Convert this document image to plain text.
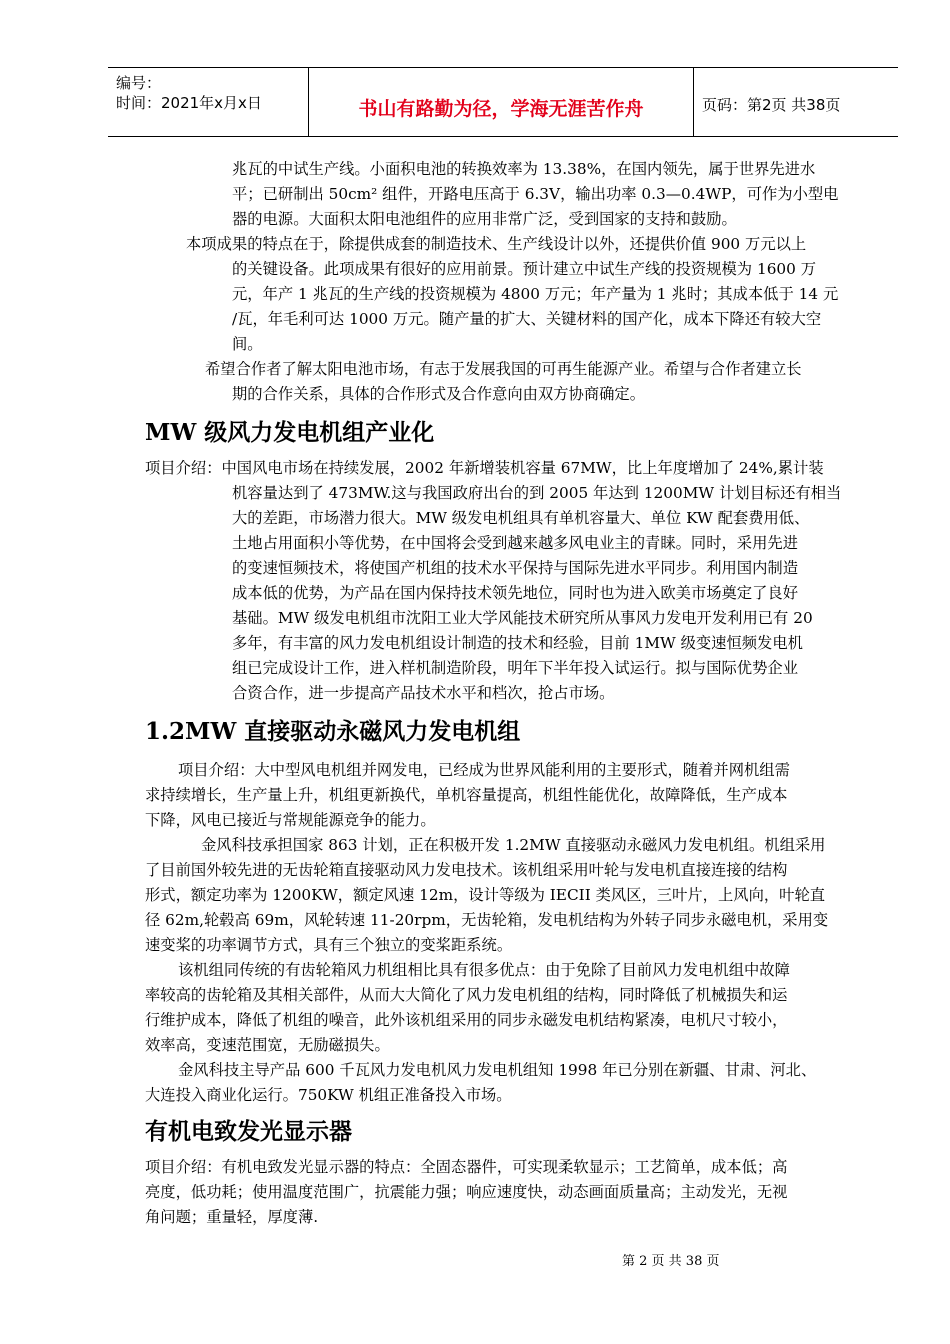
编号：
时间：2021年x月x日	书山有路勤为径，学海无涯苦作舟	页码：第2页 共38页
兆瓦的中试生产线。小面积电池的转换效率为 13.38%，在国内领先，属于世界先进水
平；已研制出 50cm² 组件，开路电压高于 6.3V，输出功率 0.3—0.4WP，可作为小型电
器的电源。大面积太阳电池组件的应用非常广泛，受到国家的支持和鼓励。
本项成果的特点在于，除提供成套的制造技术、生产线设计以外，还提供价值 900 万元以上
的关键设备。此项成果有很好的应用前景。预计建立中试生产线的投资规模为 1600 万
元，年产 1 兆瓦的生产线的投资规模为 4800 万元；年产量为 1 兆时；其成本低于 14 元
/瓦，年毛利可达 1000 万元。随产量的扩大、关键材料的国产化，成本下降还有较大空
间。
希望合作者了解太阳电池市场，有志于发展我国的可再生能源产业。希望与合作者建立长
期的合作关系，具体的合作形式及合作意向由双方协商确定。
MW 级风力发电机组产业化
项目介绍：中国风电市场在持续发展，2002 年新增装机容量 67MW，比上年度增加了 24%,累计装
机容量达到了 473MW.这与我国政府出台的到 2005 年达到 1200MW 计划目标还有相当
大的差距，市场潜力很大。MW 级发电机组具有单机容量大、单位 KW 配套费用低、
土地占用面积小等优势，在中国将会受到越来越多风电业主的青睐。同时，采用先进
的变速恒频技术，将使国产机组的技术水平保持与国际先进水平同步。利用国内制造
成本低的优势，为产品在国内保持技术领先地位，同时也为进入欧美市场奠定了良好
基础。MW 级发电机组市沈阳工业大学风能技术研究所从事风力发电开发利用已有 20
多年，有丰富的风力发电机组设计制造的技术和经验，目前 1MW 级变速恒频发电机
组已完成设计工作，进入样机制造阶段，明年下半年投入试运行。拟与国际优势企业
合资合作，进一步提高产品技术水平和档次，抢占市场。
1.2MW 直接驱动永磁风力发电机组
项目介绍：大中型风电机组并网发电，已经成为世界风能利用的主要形式，随着并网机组需
求持续增长，生产量上升，机组更新换代，单机容量提高，机组性能优化，故障降低，生产成本
下降，风电已接近与常规能源竞争的能力。
金风科技承担国家 863 计划，正在积极开发 1.2MW 直接驱动永磁风力发电机组。机组采用
了目前国外较先进的无齿轮箱直接驱动风力发电技术。该机组采用叶轮与发电机直接连接的结构
形式，额定功率为 1200KW，额定风速 12m，设计等级为 IECII 类风区，三叶片，上风向，叶轮直
径 62m,轮毂高 69m，风轮转速 11-20rpm，无齿轮箱，发电机结构为外转子同步永磁电机，采用变
速变桨的功率调节方式，具有三个独立的变桨距系统。
该机组同传统的有齿轮箱风力机组相比具有很多优点：由于免除了目前风力发电机组中故障
率较高的齿轮箱及其相关部件，从而大大简化了风力发电机组的结构，同时降低了机械损失和运
行维护成本，降低了机组的噪音，此外该机组采用的同步永磁发电机结构紧凑，电机尺寸较小，
效率高，变速范围宽，无励磁损失。
金风科技主导产品 600 千瓦风力发电机风力发电机组知 1998 年已分别在新疆、甘肃、河北、
大连投入商业化运行。750KW 机组正准备投入市场。
有机电致发光显示器
项目介绍：有机电致发光显示器的特点：全固态器件，可实现柔软显示；工艺简单，成本低；高
亮度，低功耗；使用温度范围广，抗震能力强；响应速度快，动态画面质量高；主动发光，无视
角问题；重量轻，厚度薄.
第 2 页 共 38 页
